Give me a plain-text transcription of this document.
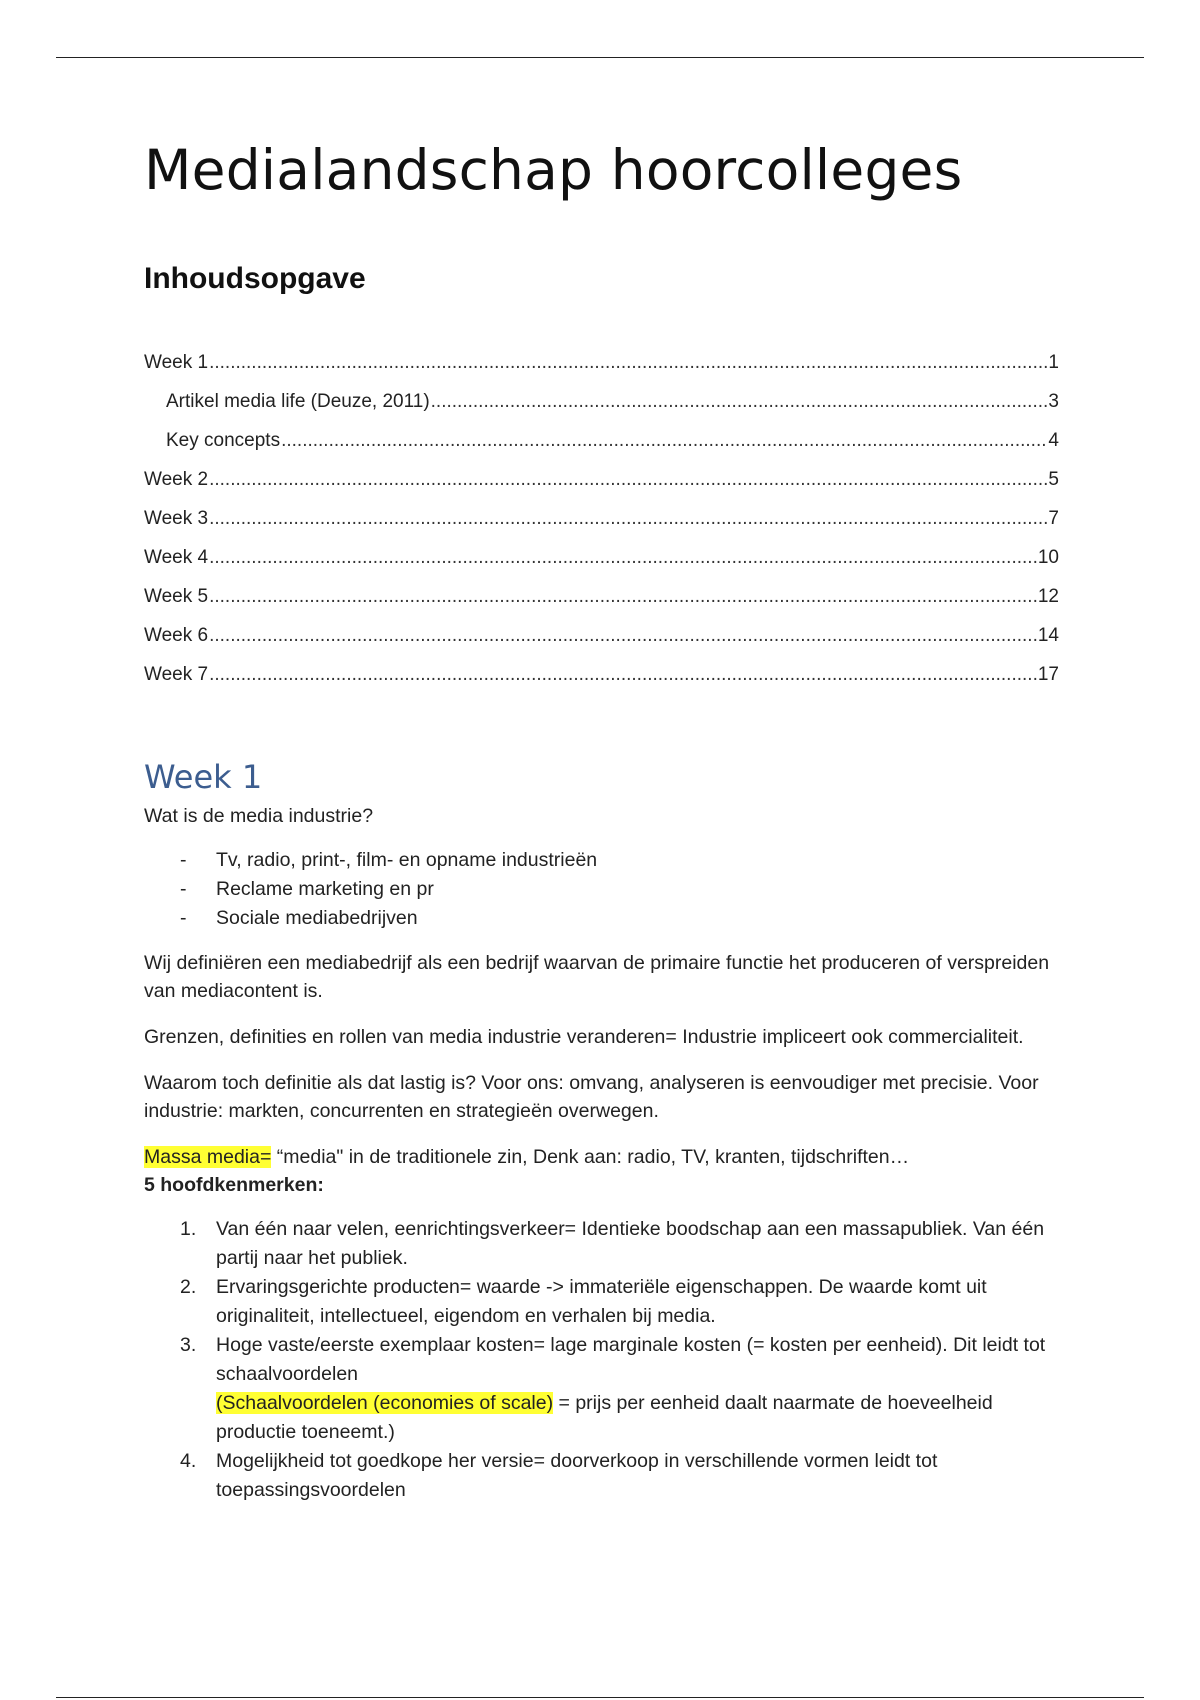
Medialandschap hoorcolleges
Inhoudsopgave
Week 1 .....	1
Artikel media life (Deuze, 2011) .....	3
Key concepts .....	4
Week 2 .....	5
Week 3 .....	7
Week 4 .....	10
Week 5 .....	12
Week 6 .....	14
Week 7 .....	17
Week 1

Wat is de media industrie?

- Tv, radio, print-, film- en opname industrieën
- Reclame marketing en pr
- Sociale mediabedrijven

Wij definiëren een mediabedrijf als een bedrijf waarvan de primaire functie het produceren of verspreiden van mediacontent is.

Grenzen, definities en rollen van media industrie veranderen= Industrie impliceert ook commercialiteit.

Waarom toch definitie als dat lastig is? Voor ons: omvang, analyseren is eenvoudiger met precisie. Voor industrie: markten, concurrenten en strategieën overwegen.

Massa media= “media" in de traditionele zin, Denk aan: radio, TV, kranten, tijdschriften…

5 hoofdkenmerken:

1. Van één naar velen, eenrichtingsverkeer= Identieke boodschap aan een massapubliek. Van één partij naar het publiek.
2. Ervaringsgerichte producten= waarde -> immateriële eigenschappen. De waarde komt uit originaliteit, intellectueel, eigendom en verhalen bij media.
3. Hoge vaste/eerste exemplaar kosten= lage marginale kosten (= kosten per eenheid). Dit leidt tot schaalvoordelen
(Schaalvoordelen (economies of scale) = prijs per eenheid daalt naarmate de hoeveelheid productie toeneemt.)
4. Mogelijkheid tot goedkope her versie= doorverkoop in verschillende vormen leidt tot toepassingsvoordelen
